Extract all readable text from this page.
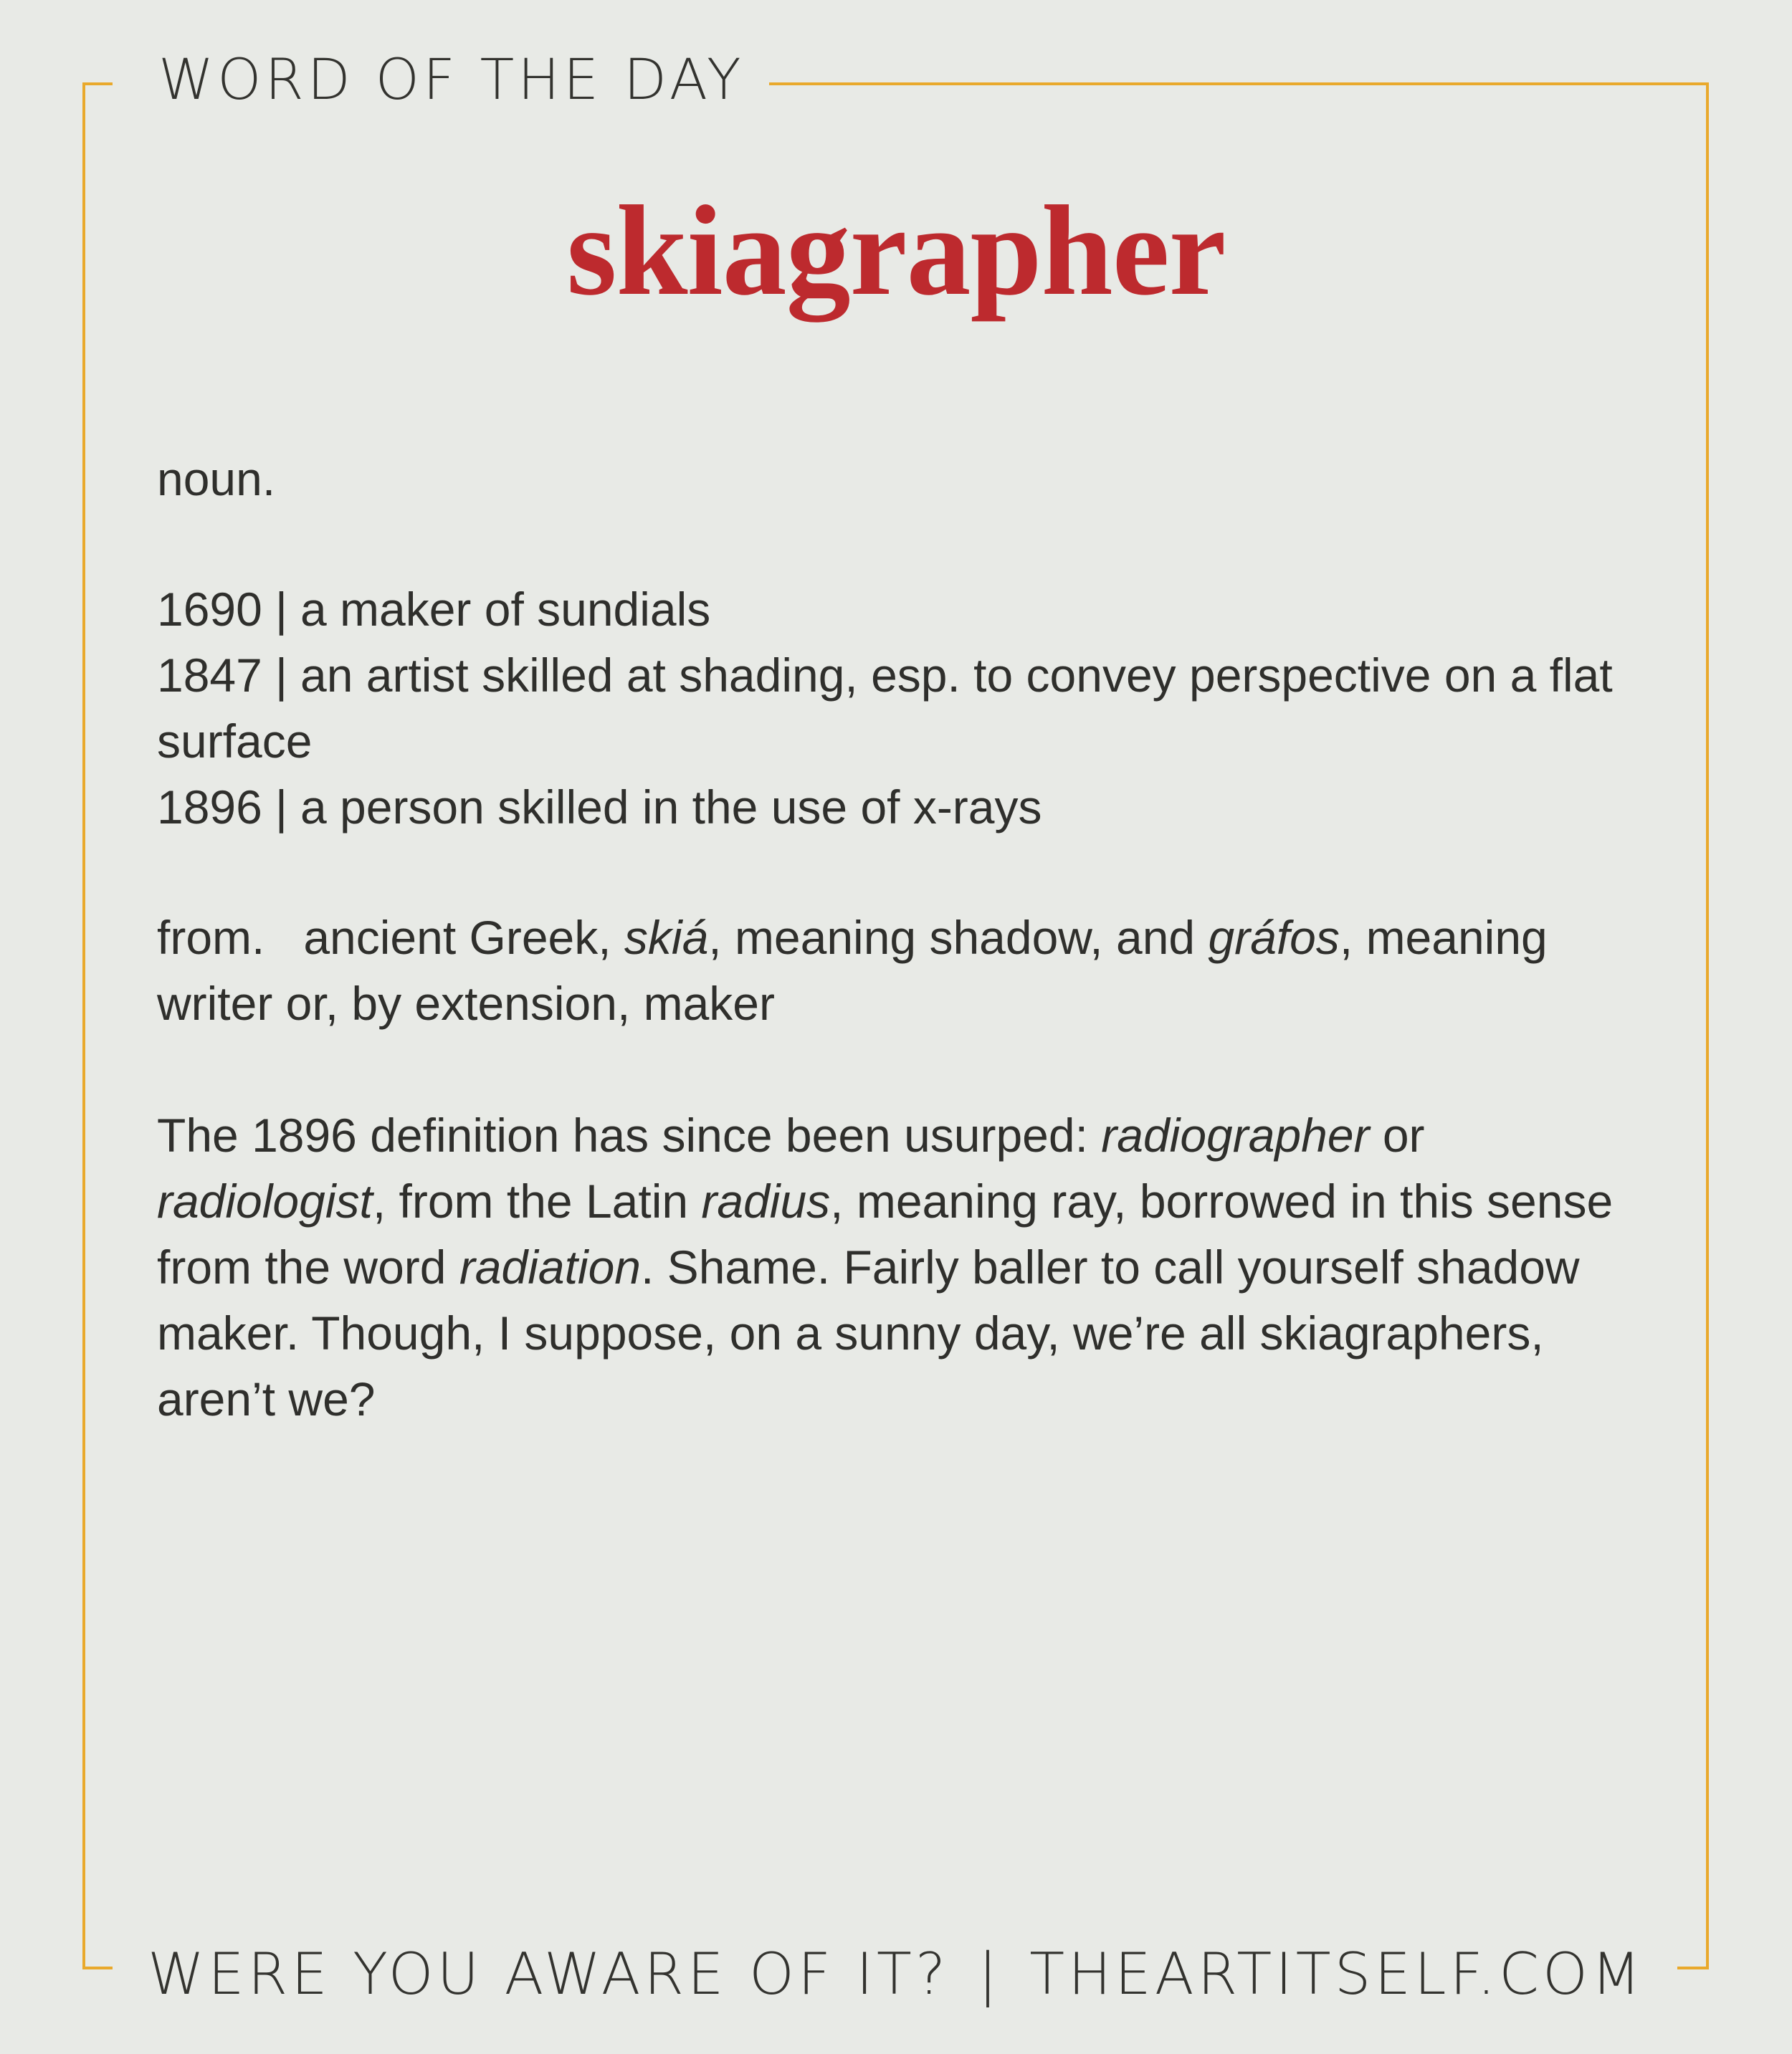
WORD OF THE DAY
skiagrapher
noun.
1690 | a maker of sundials
1847 | an artist skilled at shading, esp. to convey perspective on a flat surface
1896 | a person skilled in the use of x-rays
from. ancient Greek, skiá, meaning shadow, and gráfos, meaning writer or, by extension, maker
The 1896 definition has since been usurped: radiographer or radiologist, from the Latin radius, meaning ray, borrowed in this sense from the word radiation. Shame. Fairly baller to call yourself shadow maker. Though, I suppose, on a sunny day, we’re all skiagraphers, aren’t we?
WERE YOU AWARE OF IT? | THEARTITSELF.COM
